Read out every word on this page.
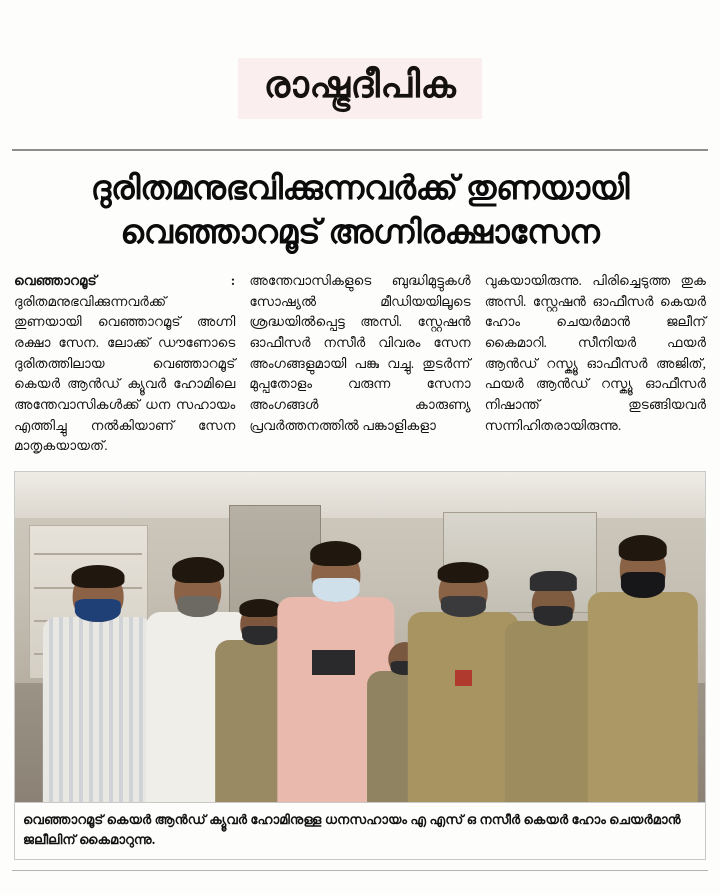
രാഷ്ട്രദീപിക
ദുരിതമനുഭവിക്കുന്നവർക്ക് തുണയായി
വെഞ്ഞാറമൂട് അഗ്നിരക്ഷാസേന

വെഞ്ഞാറമൂട് : ദുരിതമനുഭവിക്കുന്നവർക്ക് തുണയായി വെഞ്ഞാറമൂട് അഗ്നി രക്ഷാ സേന. ലോക്ക് ഡൗണോടെ ദുരിതത്തിലായ വെഞ്ഞാറമൂട് കെയർ ആൻഡ് ക്യൂവർ ഹോമിലെ അന്തേവാസികൾക്ക് ധന സഹായം എത്തിച്ചു നൽകിയാണ് സേന മാതൃകയായത്.

അന്തേവാസികളുടെ ബുദ്ധിമുട്ടുകൾ സോഷ്യൽ മീഡിയയിലൂടെ ശ്രദ്ധയിൽപ്പെട്ട അസി. സ്റ്റേഷൻ ഓഫീസർ നസീർ വിവരം സേന അംഗങ്ങളുമായി പങ്കു വച്ചു. തുടർന്ന് മുപ്പതോളം വരുന്ന സേനാ അംഗങ്ങൾ കാരുണ്യ പ്രവർത്തനത്തിൽ പങ്കാളികളാ

വുകയായിരുന്നു. പിരിച്ചെടുത്ത തുക അസി. സ്റ്റേഷൻ ഓഫീസർ കെയർ ഹോം ചെയർമാൻ ജലീന് കൈമാറി. സീനിയർ ഫയർ ആൻഡ് റസ്ക്യൂ ഓഫീസർ അജിത്, ഫയർ ആൻഡ് റസ്ക്യൂ ഓഫീസർ നിഷാന്ത് തുടങ്ങിയവർ സന്നിഹിതരായിരുന്നു.

വെഞ്ഞാറമൂട് കെയർ ആൻഡ് ക്യൂവർ ഹോമിനുള്ള ധനസഹായം എ എസ് ഒ നസീർ കെയർ ഹോം ചെയർമാൻ ജലീലിന് കൈമാറുന്നു.
